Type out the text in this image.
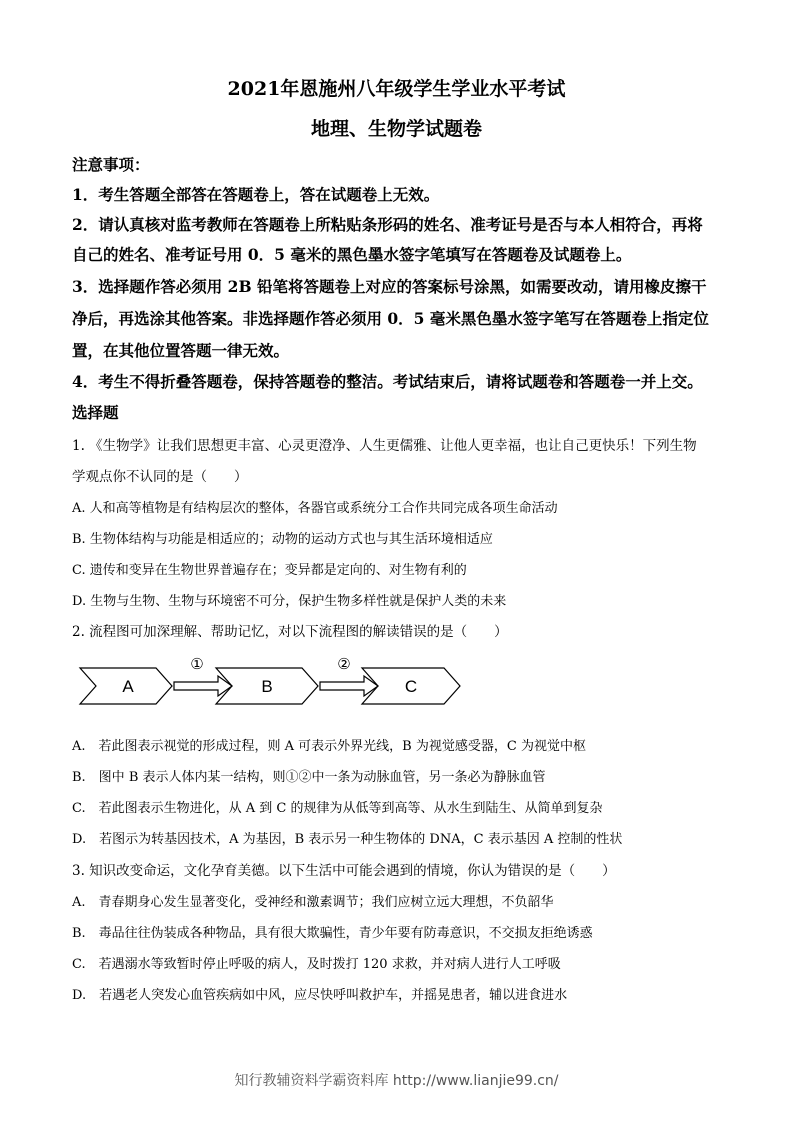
2021年恩施州八年级学生学业水平考试
地理、生物学试题卷
注意事项：
1．考生答题全部答在答题卷上，答在试题卷上无效。
2．请认真核对监考教师在答题卷上所粘贴条形码的姓名、准考证号是否与本人相符合，再将
自己的姓名、准考证号用 0．5 毫米的黑色墨水签字笔填写在答题卷及试题卷上。
3．选择题作答必须用 2B 铅笔将答题卷上对应的答案标号涂黑，如需要改动，请用橡皮擦干
净后，再选涂其他答案。非选择题作答必须用 0．5 毫米黑色墨水签字笔写在答题卷上指定位
置，在其他位置答题一律无效。
4．考生不得折叠答题卷，保持答题卷的整洁。考试结束后，请将试题卷和答题卷一并上交。
选择题
1. 《生物学》让我们思想更丰富、心灵更澄净、人生更儒雅、让他人更幸福，也让自己更快乐！下列生物
学观点你不认同的是（　　）
A. 人和高等植物是有结构层次的整体，各器官或系统分工合作共同完成各项生命活动
B. 生物体结构与功能是相适应的；动物的运动方式也与其生活环境相适应
C. 遗传和变异在生物世界普遍存在；变异都是定向的、对生物有利的
D. 生物与生物、生物与环境密不可分，保护生物多样性就是保护人类的未来
2. 流程图可加深理解、帮助记忆，对以下流程图的解读错误的是（　　）
A	B	C
①	②
A.　若此图表示视觉的形成过程，则 A 可表示外界光线，B 为视觉感受器，C 为视觉中枢
B.　图中 B 表示人体内某一结构，则①②中一条为动脉血管，另一条必为静脉血管
C.　若此图表示生物进化，从 A 到 C 的规律为从低等到高等、从水生到陆生、从简单到复杂
D.　若图示为转基因技术，A 为基因，B 表示另一种生物体的 DNA，C 表示基因 A 控制的性状
3. 知识改变命运，文化孕育美德。以下生活中可能会遇到的情境，你认为错误的是（　　）
A.　青春期身心发生显著变化，受神经和激素调节；我们应树立远大理想，不负韶华
B.　毒品往往伪装成各种物品，具有很大欺骗性，青少年要有防毒意识，不交损友拒绝诱惑
C.　若遇溺水等致暂时停止呼吸的病人，及时拨打 120 求救，并对病人进行人工呼吸
D.　若遇老人突发心血管疾病如中风，应尽快呼叫救护车，并摇晃患者，辅以进食进水
知行教辅资料学霸资料库 http://www.lianjie99.cn/
